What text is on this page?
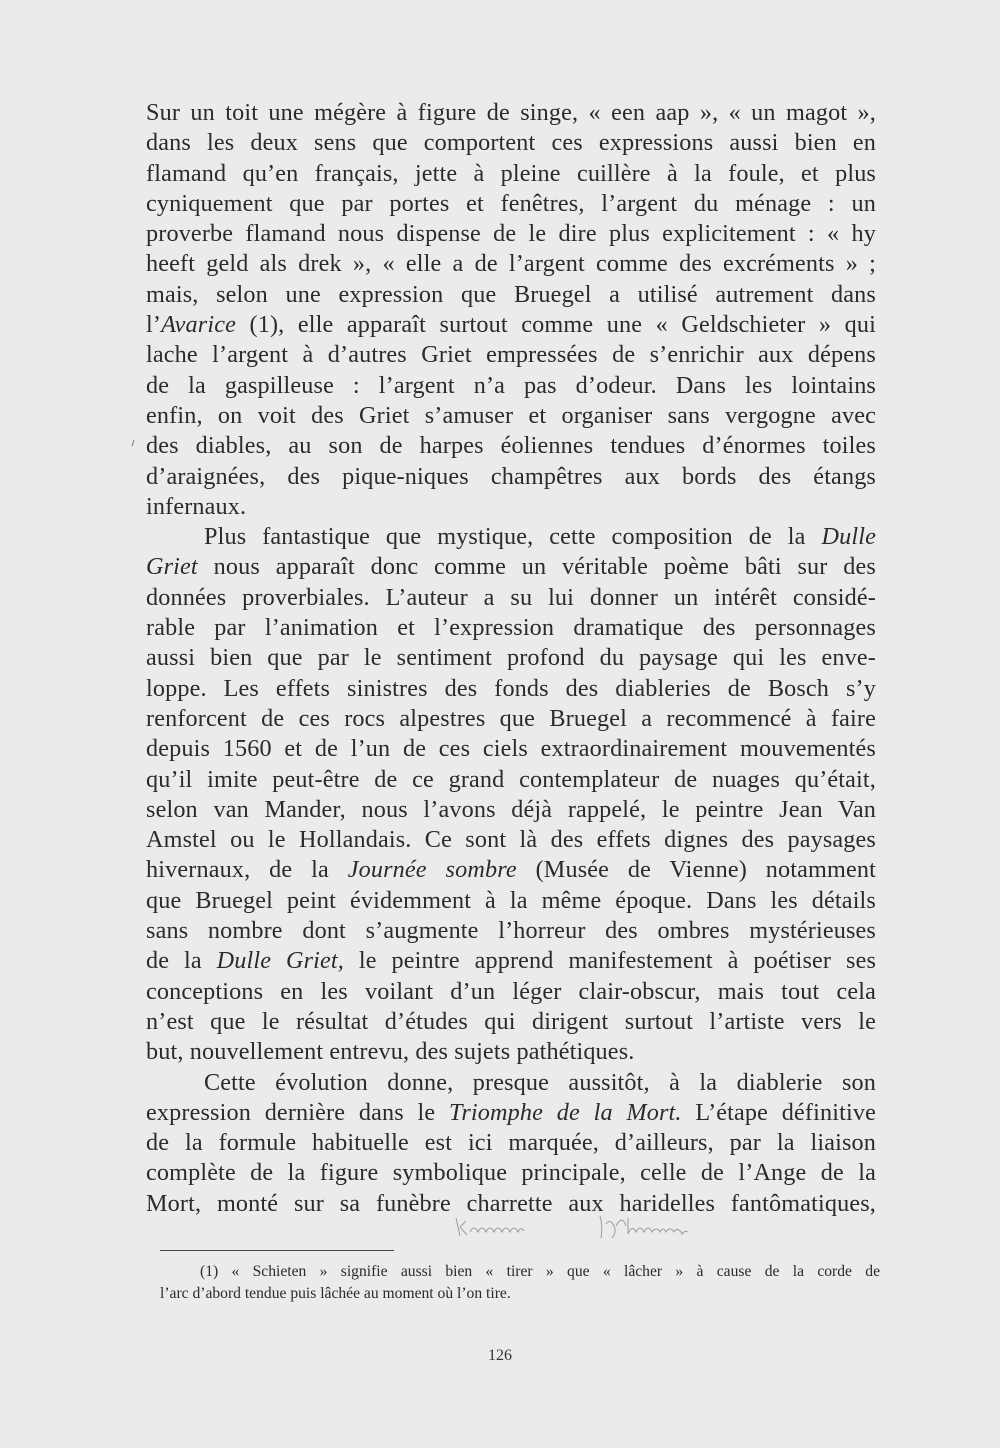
Sur un toit une mégère à figure de singe, « een aap », « un magot »,
dans les deux sens que comportent ces expressions aussi bien en
flamand qu’en français, jette à pleine cuillère à la foule, et plus
cyniquement que par portes et fenêtres, l’argent du ménage : un
proverbe flamand nous dispense de le dire plus explicitement : « hy
heeft geld als drek », « elle a de l’argent comme des excréments » ;
mais, selon une expression que Bruegel a utilisé autrement dans
l’Avarice (1), elle apparaît surtout comme une « Geldschieter » qui
lache l’argent à d’autres Griet empressées de s’enrichir aux dépens
de la gaspilleuse : l’argent n’a pas d’odeur. Dans les lointains
enfin, on voit des Griet s’amuser et organiser sans vergogne avec
des diables, au son de harpes éoliennes tendues d’énormes toiles
d’araignées, des pique-niques champêtres aux bords des étangs
infernaux.
Plus fantastique que mystique, cette composition de la Dulle
Griet nous apparaît donc comme un véritable poème bâti sur des
données proverbiales. L’auteur a su lui donner un intérêt considé-
rable par l’animation et l’expression dramatique des personnages
aussi bien que par le sentiment profond du paysage qui les enve-
loppe. Les effets sinistres des fonds des diableries de Bosch s’y
renforcent de ces rocs alpestres que Bruegel a recommencé à faire
depuis 1560 et de l’un de ces ciels extraordinairement mouvementés
qu’il imite peut-être de ce grand contemplateur de nuages qu’était,
selon van Mander, nous l’avons déjà rappelé, le peintre Jean Van
Amstel ou le Hollandais. Ce sont là des effets dignes des paysages
hivernaux, de la Journée sombre (Musée de Vienne) notamment
que Bruegel peint évidemment à la même époque. Dans les détails
sans nombre dont s’augmente l’horreur des ombres mystérieuses
de la Dulle Griet, le peintre apprend manifestement à poétiser ses
conceptions en les voilant d’un léger clair-obscur, mais tout cela
n’est que le résultat d’études qui dirigent surtout l’artiste vers le
but, nouvellement entrevu, des sujets pathétiques.
Cette évolution donne, presque aussitôt, à la diablerie son
expression dernière dans le Triomphe de la Mort. L’étape définitive
de la formule habituelle est ici marquée, d’ailleurs, par la liaison
complète de la figure symbolique principale, celle de l’Ange de la
Mort, monté sur sa funèbre charrette aux haridelles fantômatiques,
(1) « Schieten » signifie aussi bien « tirer » que « lâcher » à cause de la corde de
l’arc d’abord tendue puis lâchée au moment où l’on tire.
126
